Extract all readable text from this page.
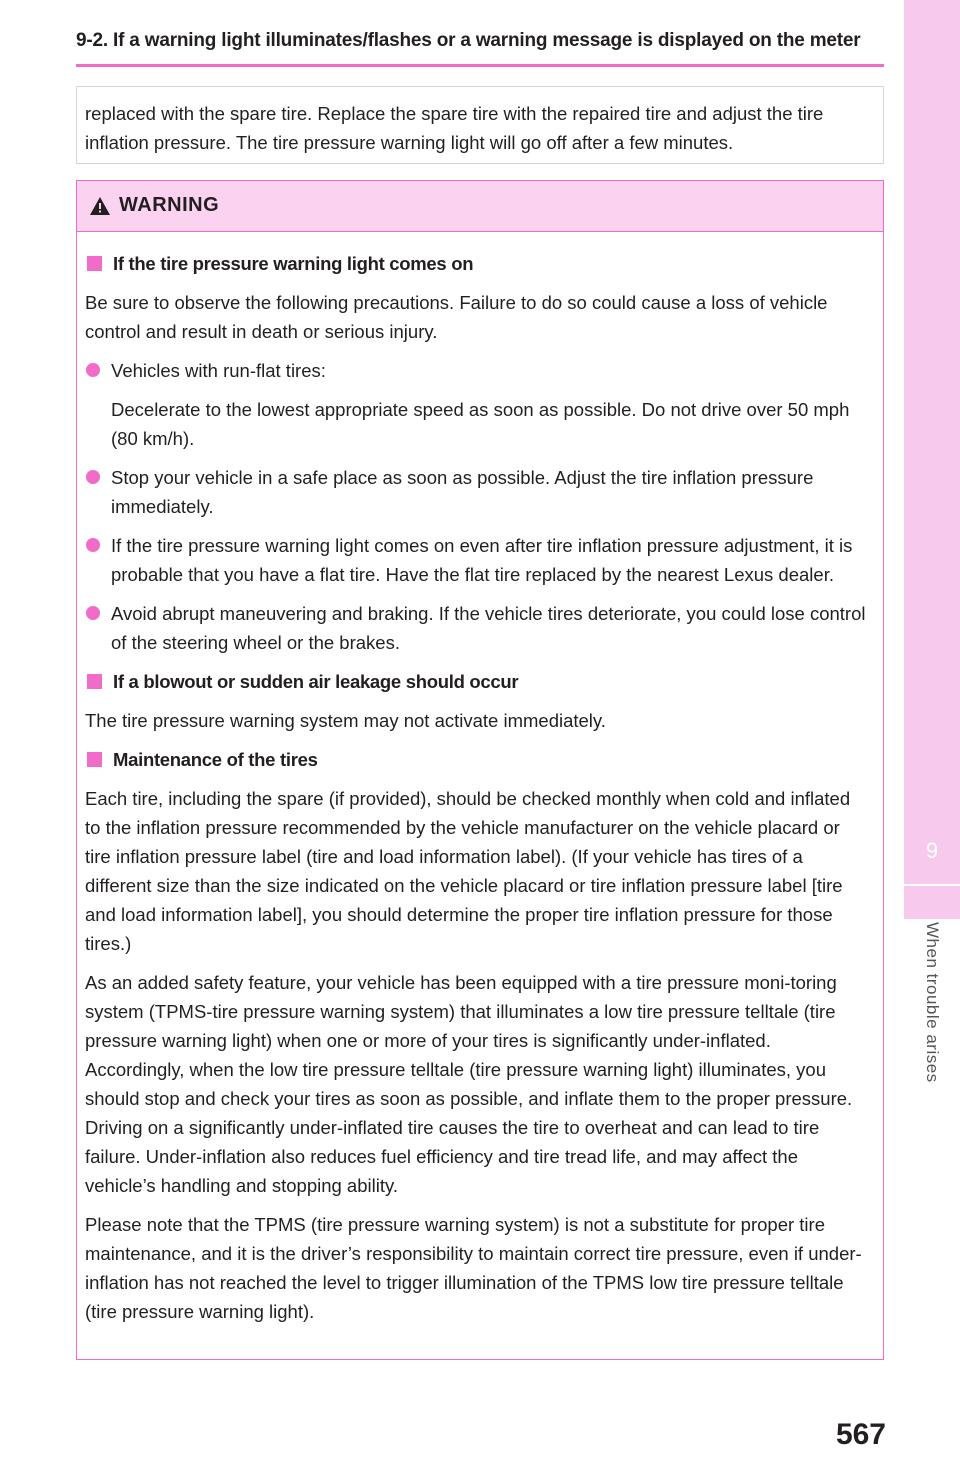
9-2. If a warning light illuminates/flashes or a warning message is displayed on the meter
9
When trouble arises
replaced with the spare tire. Replace the spare tire with the repaired tire and adjust the tire inflation pressure. The tire pressure warning light will go off after a few minutes.
WARNING
If the tire pressure warning light comes on
Be sure to observe the following precautions. Failure to do so could cause a loss of vehicle control and result in death or serious injury.
Vehicles with run-flat tires:
Decelerate to the lowest appropriate speed as soon as possible. Do not drive over 50 mph (80 km/h).
Stop your vehicle in a safe place as soon as possible. Adjust the tire inflation pressure immediately.
If the tire pressure warning light comes on even after tire inflation pressure adjustment, it is probable that you have a flat tire. Have the flat tire replaced by the nearest Lexus dealer.
Avoid abrupt maneuvering and braking. If the vehicle tires deteriorate, you could lose control of the steering wheel or the brakes.
If a blowout or sudden air leakage should occur
The tire pressure warning system may not activate immediately.
Maintenance of the tires
Each tire, including the spare (if provided), should be checked monthly when cold and inflated to the inflation pressure recommended by the vehicle manufacturer on the vehicle placard or tire inflation pressure label (tire and load information label). (If your vehicle has tires of a different size than the size indicated on the vehicle placard or tire inflation pressure label [tire and load information label], you should determine the proper tire inflation pressure for those tires.)
As an added safety feature, your vehicle has been equipped with a tire pressure moni-toring system (TPMS-tire pressure warning system) that illuminates a low tire pressure telltale (tire pressure warning light) when one or more of your tires is significantly under-inflated. Accordingly, when the low tire pressure telltale (tire pressure warning light) illuminates, you should stop and check your tires as soon as possible, and inflate them to the proper pressure. Driving on a significantly under-inflated tire causes the tire to overheat and can lead to tire failure. Under-inflation also reduces fuel efficiency and tire tread life, and may affect the vehicle’s handling and stopping ability.
Please note that the TPMS (tire pressure warning system) is not a substitute for proper tire maintenance, and it is the driver’s responsibility to maintain correct tire pressure, even if under-inflation has not reached the level to trigger illumination of the TPMS low tire pressure telltale (tire pressure warning light).
567
